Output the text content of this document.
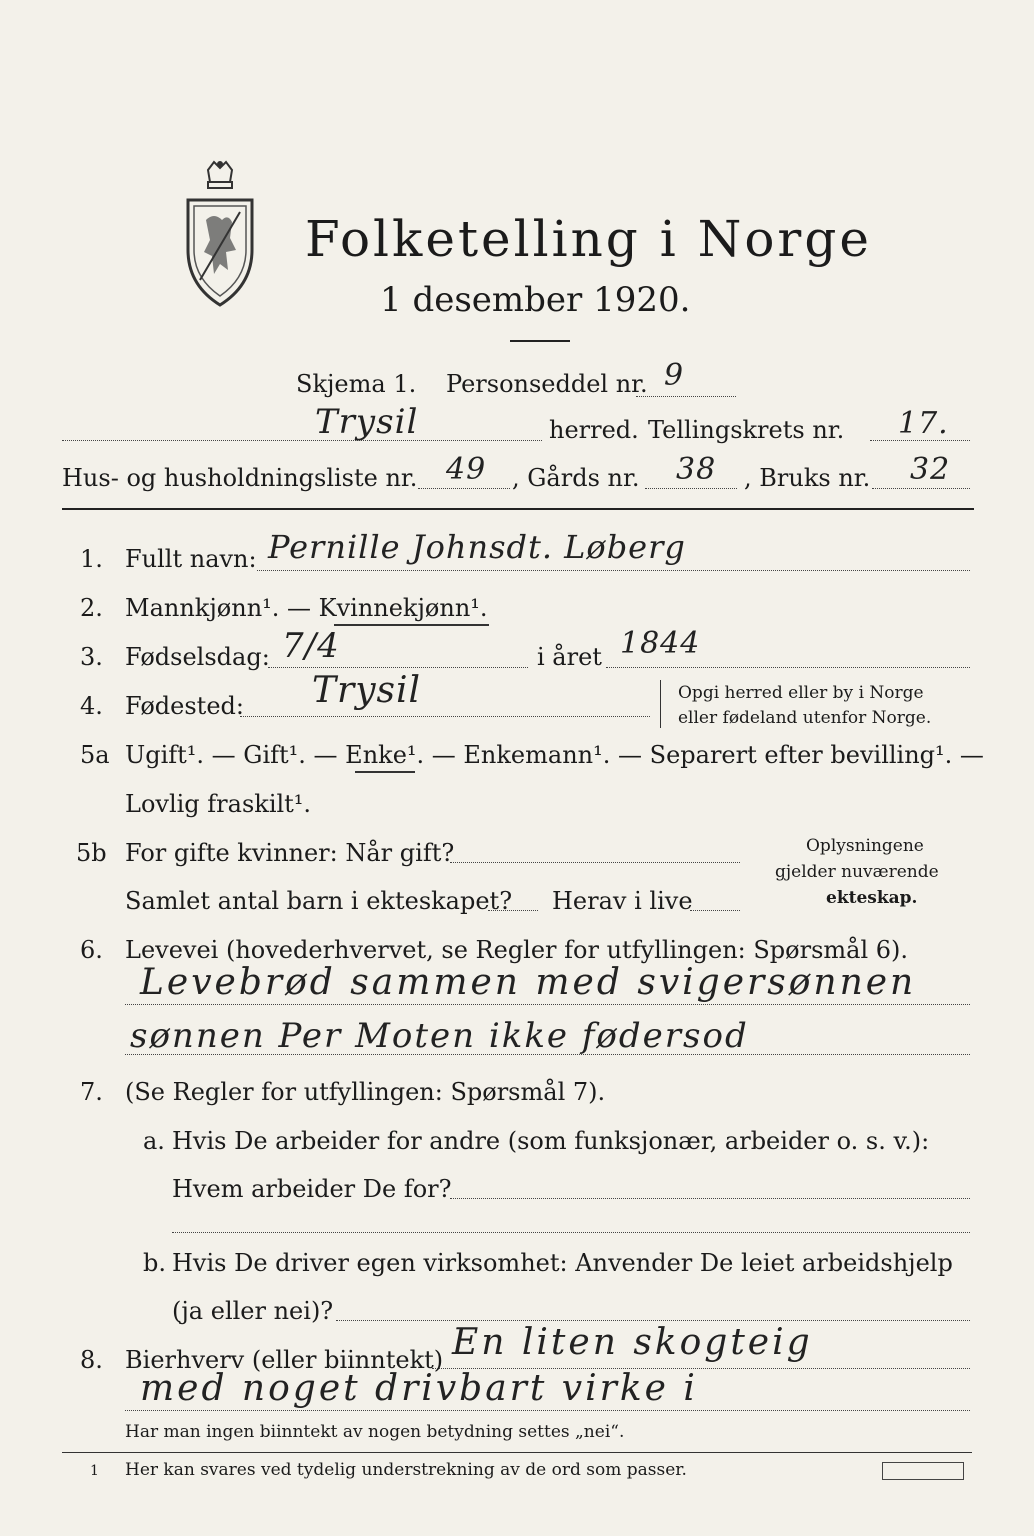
Folketelling i Norge
1 desember 1920.
Skjema 1. Personseddel nr. 9
Trysil	herred. Tellingskrets nr. 17.
Hus- og husholdningsliste nr. 49 , Gårds nr. 38 , Bruks nr. 32
1. Fullt navn: Pernille Johnsdt. Løberg
2. Mannkjønn¹. — Kvinnekjønn¹.
3. Fødselsdag: 7/4	i året 1844
4. Fødested: Trysil	Opgi herred eller by i Norge
eller fødeland utenfor Norge.
5a Ugift¹. — Gift¹. — Enke¹. — Enkemann¹. — Separert efter bevilling¹. —
Lovlig fraskilt¹.
5b For gifte kvinner: Når gift?
Samlet antal barn i ekteskapet? Herav i live
Oplysningene
gjelder nuværende
ekteskap.
6. Levevei (hovederhvervet, se Regler for utfyllingen: Spørsmål 6).
Levebrød sammen med svigersønnen
sønnen Per Moten ikke fødersod
7. (Se Regler for utfyllingen: Spørsmål 7).
a. Hvis De arbeider for andre (som funksjonær, arbeider o. s. v.):
Hvem arbeider De for?
b. Hvis De driver egen virksomhet: Anvender De leiet arbeidshjelp
(ja eller nei)?
8. Bierhverv (eller biinntekt) En liten skogteig
med noget drivbart virke i
Har man ingen biinntekt av nogen betydning settes „nei“.
1 Her kan svares ved tydelig understrekning av de ord som passer.
